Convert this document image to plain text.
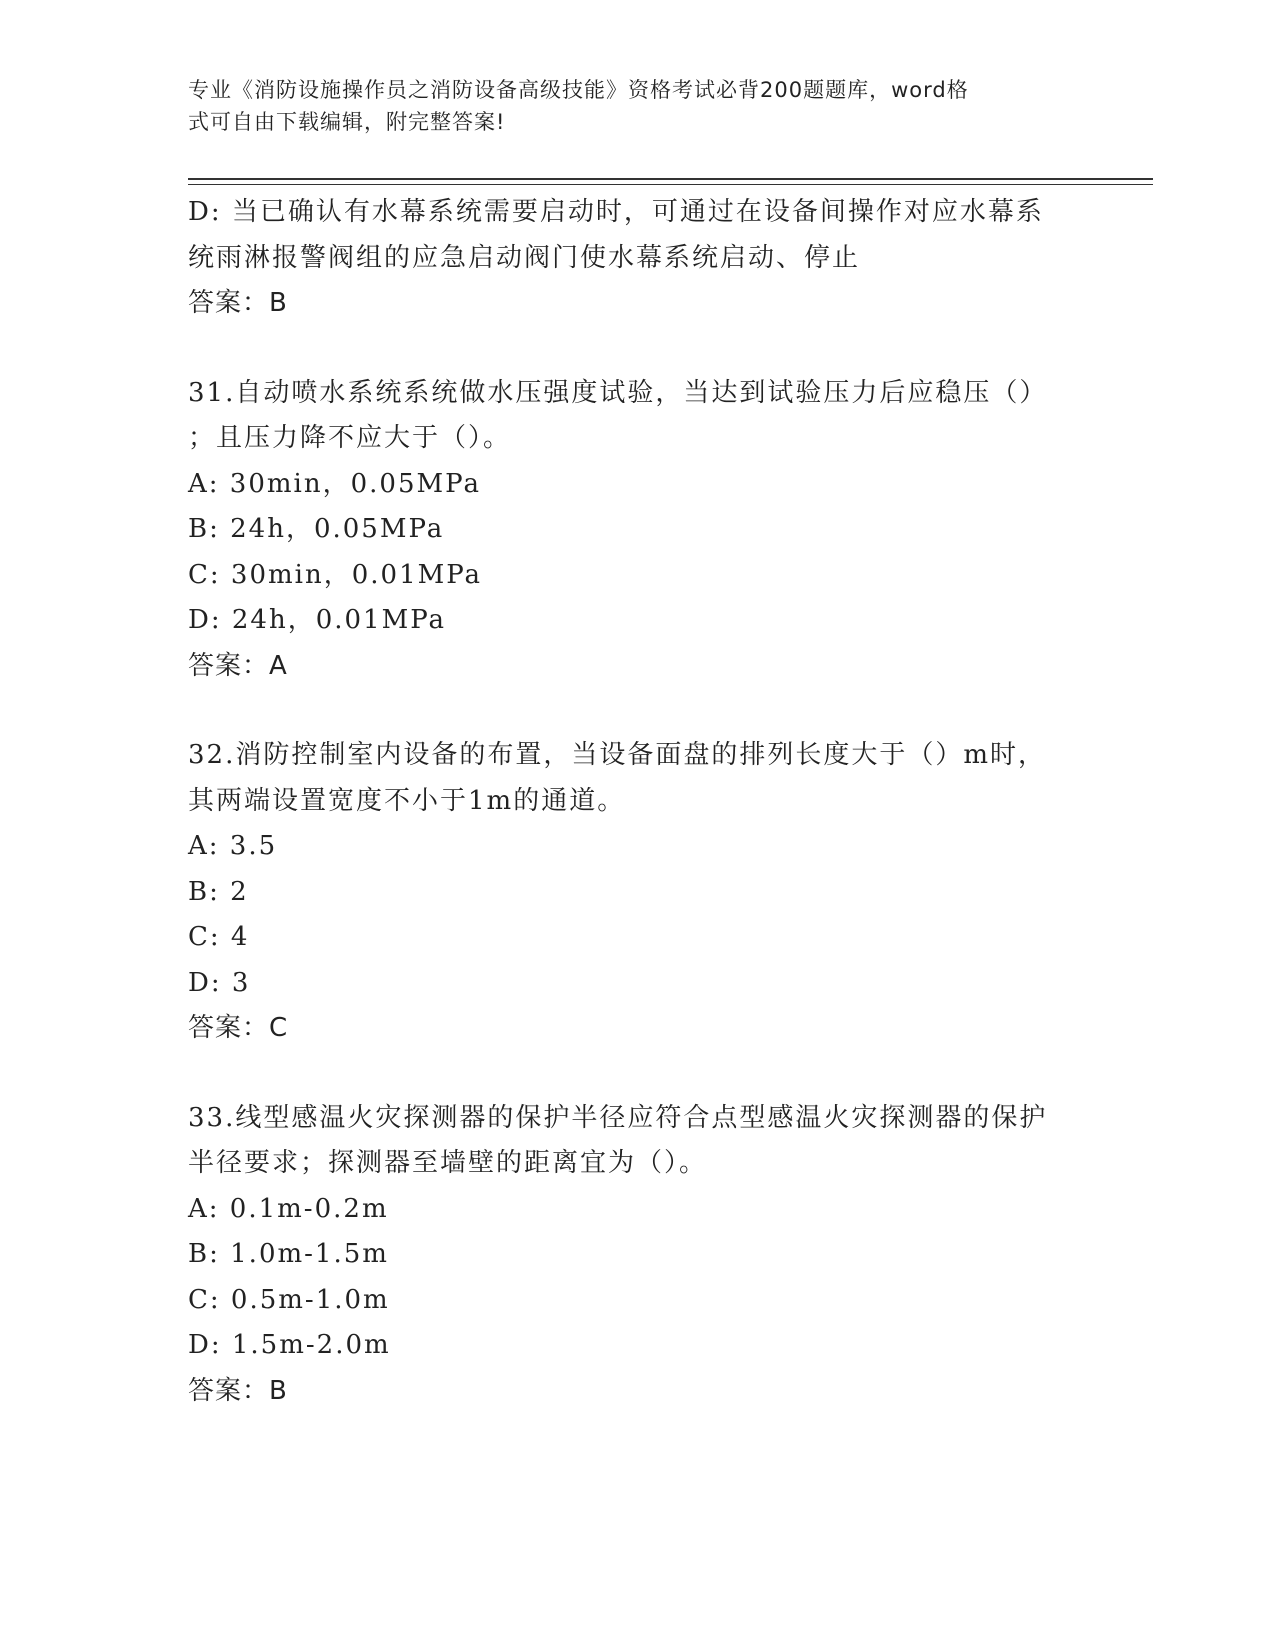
专业《消防设施操作员之消防设备高级技能》资格考试必背200题题库，word格
式可自由下载编辑，附完整答案!
D: 当已确认有水幕系统需要启动时，可通过在设备间操作对应水幕系
统雨淋报警阀组的应急启动阀门使水幕系统启动、停止
答案：B
31.自动喷水系统系统做水压强度试验，当达到试验压力后应稳压（）
；且压力降不应大于（）。
A: 30min，0.05MPa
B: 24h，0.05MPa
C: 30min，0.01MPa
D: 24h，0.01MPa
答案：A
32.消防控制室内设备的布置，当设备面盘的排列长度大于（）m时，
其两端设置宽度不小于1m的通道。
A: 3.5
B: 2
C: 4
D: 3
答案：C
33.线型感温火灾探测器的保护半径应符合点型感温火灾探测器的保护
半径要求；探测器至墙壁的距离宜为（）。
A: 0.1m-0.2m
B: 1.0m-1.5m
C: 0.5m-1.0m
D: 1.5m-2.0m
答案：B
